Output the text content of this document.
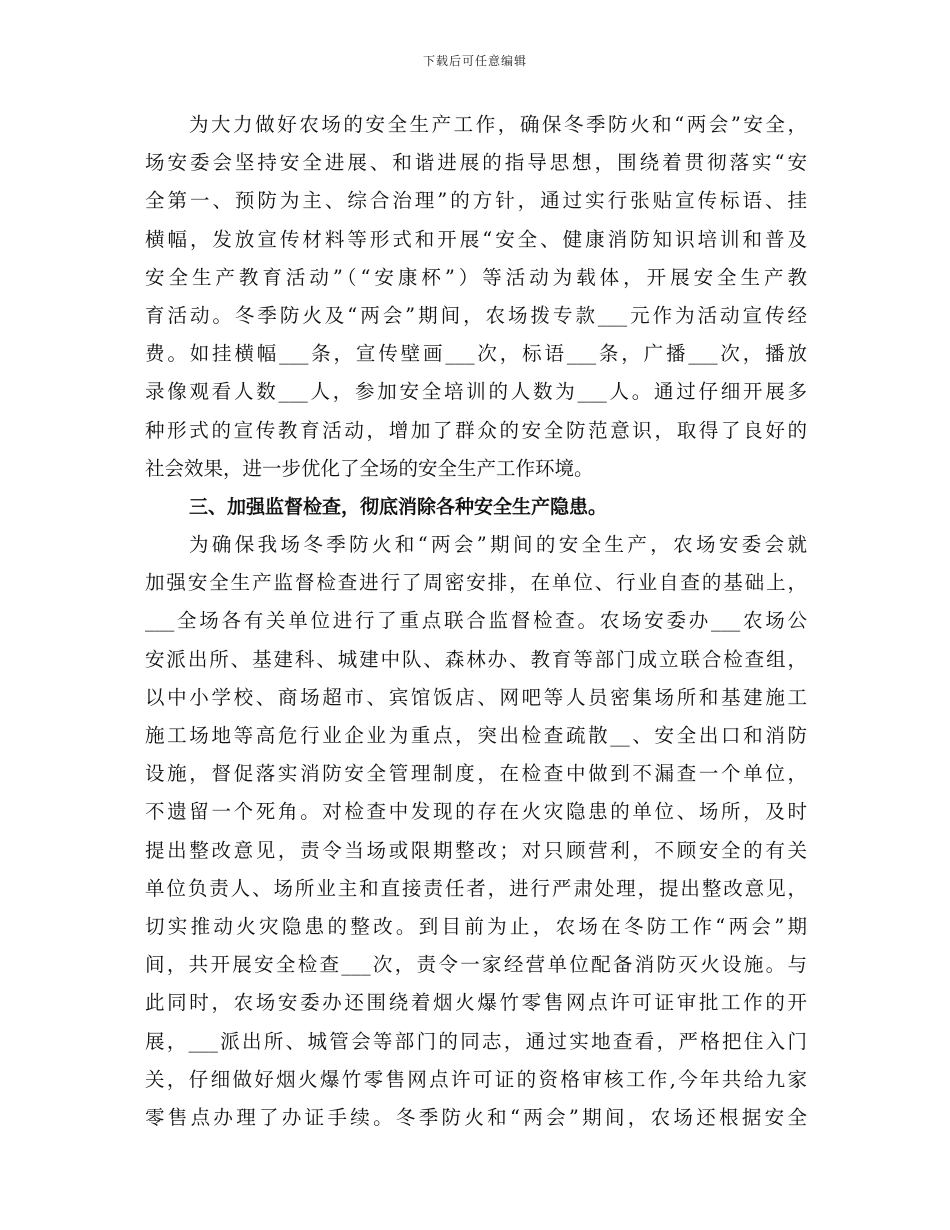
下载后可任意编辑
为大力做好农场的安全生产工作，确保冬季防火和“两会”安全，
场安委会坚持安全进展、和谐进展的指导思想，围绕着贯彻落实“安
全第一、预防为主、综合治理”的方针，通过实行张贴宣传标语、挂
横幅，发放宣传材料等形式和开展“安全、健康消防知识培训和普及
安全生产教育活动”（“安康杯”）等活动为载体，开展安全生产教
育活动。冬季防火及“两会”期间，农场拨专款___元作为活动宣传经
费。如挂横幅___条，宣传壁画___次，标语___条，广播___次，播放
录像观看人数___人，参加安全培训的人数为___人。通过仔细开展多
种形式的宣传教育活动，增加了群众的安全防范意识，取得了良好的
社会效果，进一步优化了全场的安全生产工作环境。
三、加强监督检查，彻底消除各种安全生产隐患。
为确保我场冬季防火和“两会”期间的安全生产，农场安委会就
加强安全生产监督检查进行了周密安排，在单位、行业自查的基础上，
___全场各有关单位进行了重点联合监督检查。农场安委办___农场公
安派出所、基建科、城建中队、森林办、教育等部门成立联合检查组，
以中小学校、商场超市、宾馆饭店、网吧等人员密集场所和基建施工
施工场地等高危行业企业为重点，突出检查疏散__、安全出口和消防
设施，督促落实消防安全管理制度，在检查中做到不漏查一个单位，
不遗留一个死角。对检查中发现的存在火灾隐患的单位、场所，及时
提出整改意见，责令当场或限期整改；对只顾营利，不顾安全的有关
单位负责人、场所业主和直接责任者，进行严肃处理，提出整改意见，
切实推动火灾隐患的整改。到目前为止，农场在冬防工作“两会”期
间，共开展安全检查___次，责令一家经营单位配备消防灭火设施。与
此同时，农场安委办还围绕着烟火爆竹零售网点许可证审批工作的开
展，___派出所、城管会等部门的同志，通过实地查看，严格把住入门
关，仔细做好烟火爆竹零售网点许可证的资格审核工作,今年共给九家
零售点办理了办证手续。冬季防火和“两会”期间，农场还根据安全
